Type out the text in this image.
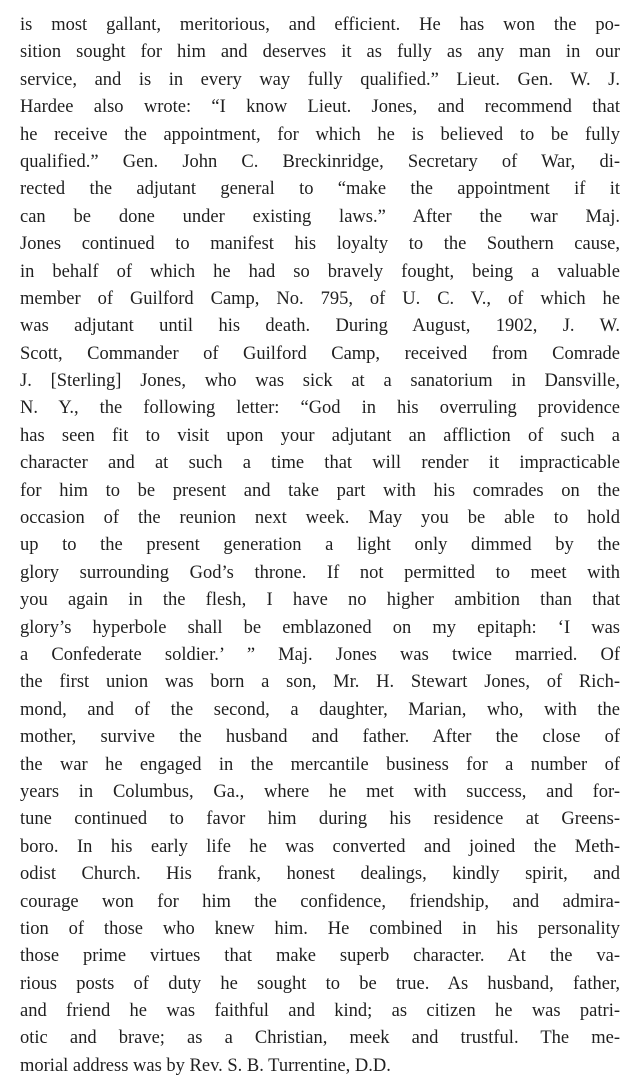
is most gallant, meritorious, and efficient. He has won the po-
sition sought for him and deserves it as fully as any man in our
service, and is in every way fully qualified.” Lieut. Gen. W. J.
Hardee also wrote: “I know Lieut. Jones, and recommend that
he receive the appointment, for which he is believed to be fully
qualified.” Gen. John C. Breckinridge, Secretary of War, di-
rected the adjutant general to “make the appointment if it
can be done under existing laws.” After the war Maj.
Jones continued to manifest his loyalty to the Southern cause,
in behalf of which he had so bravely fought, being a valuable
member of Guilford Camp, No. 795, of U. C. V., of which he
was adjutant until his death. During August, 1902, J. W.
Scott, Commander of Guilford Camp, received from Comrade
J. [Sterling] Jones, who was sick at a sanatorium in Dansville,
N. Y., the following letter: “God in his overruling providence
has seen fit to visit upon your adjutant an affliction of such a
character and at such a time that will render it impracticable
for him to be present and take part with his comrades on the
occasion of the reunion next week. May you be able to hold
up to the present generation a light only dimmed by the
glory surrounding God’s throne. If not permitted to meet with
you again in the flesh, I have no higher ambition than that
glory’s hyperbole shall be emblazoned on my epitaph: ‘I was
a Confederate soldier.’ ” Maj. Jones was twice married. Of
the first union was born a son, Mr. H. Stewart Jones, of Rich-
mond, and of the second, a daughter, Marian, who, with the
mother, survive the husband and father. After the close of
the war he engaged in the mercantile business for a number of
years in Columbus, Ga., where he met with success, and for-
tune continued to favor him during his residence at Greens-
boro. In his early life he was converted and joined the Meth-
odist Church. His frank, honest dealings, kindly spirit, and
courage won for him the confidence, friendship, and admira-
tion of those who knew him. He combined in his personality
those prime virtues that make superb character. At the va-
rious posts of duty he sought to be true. As husband, father,
and friend he was faithful and kind; as citizen he was patri-
otic and brave; as a Christian, meek and trustful. The me-
morial address was by Rev. S. B. Turrentine, D.D.
